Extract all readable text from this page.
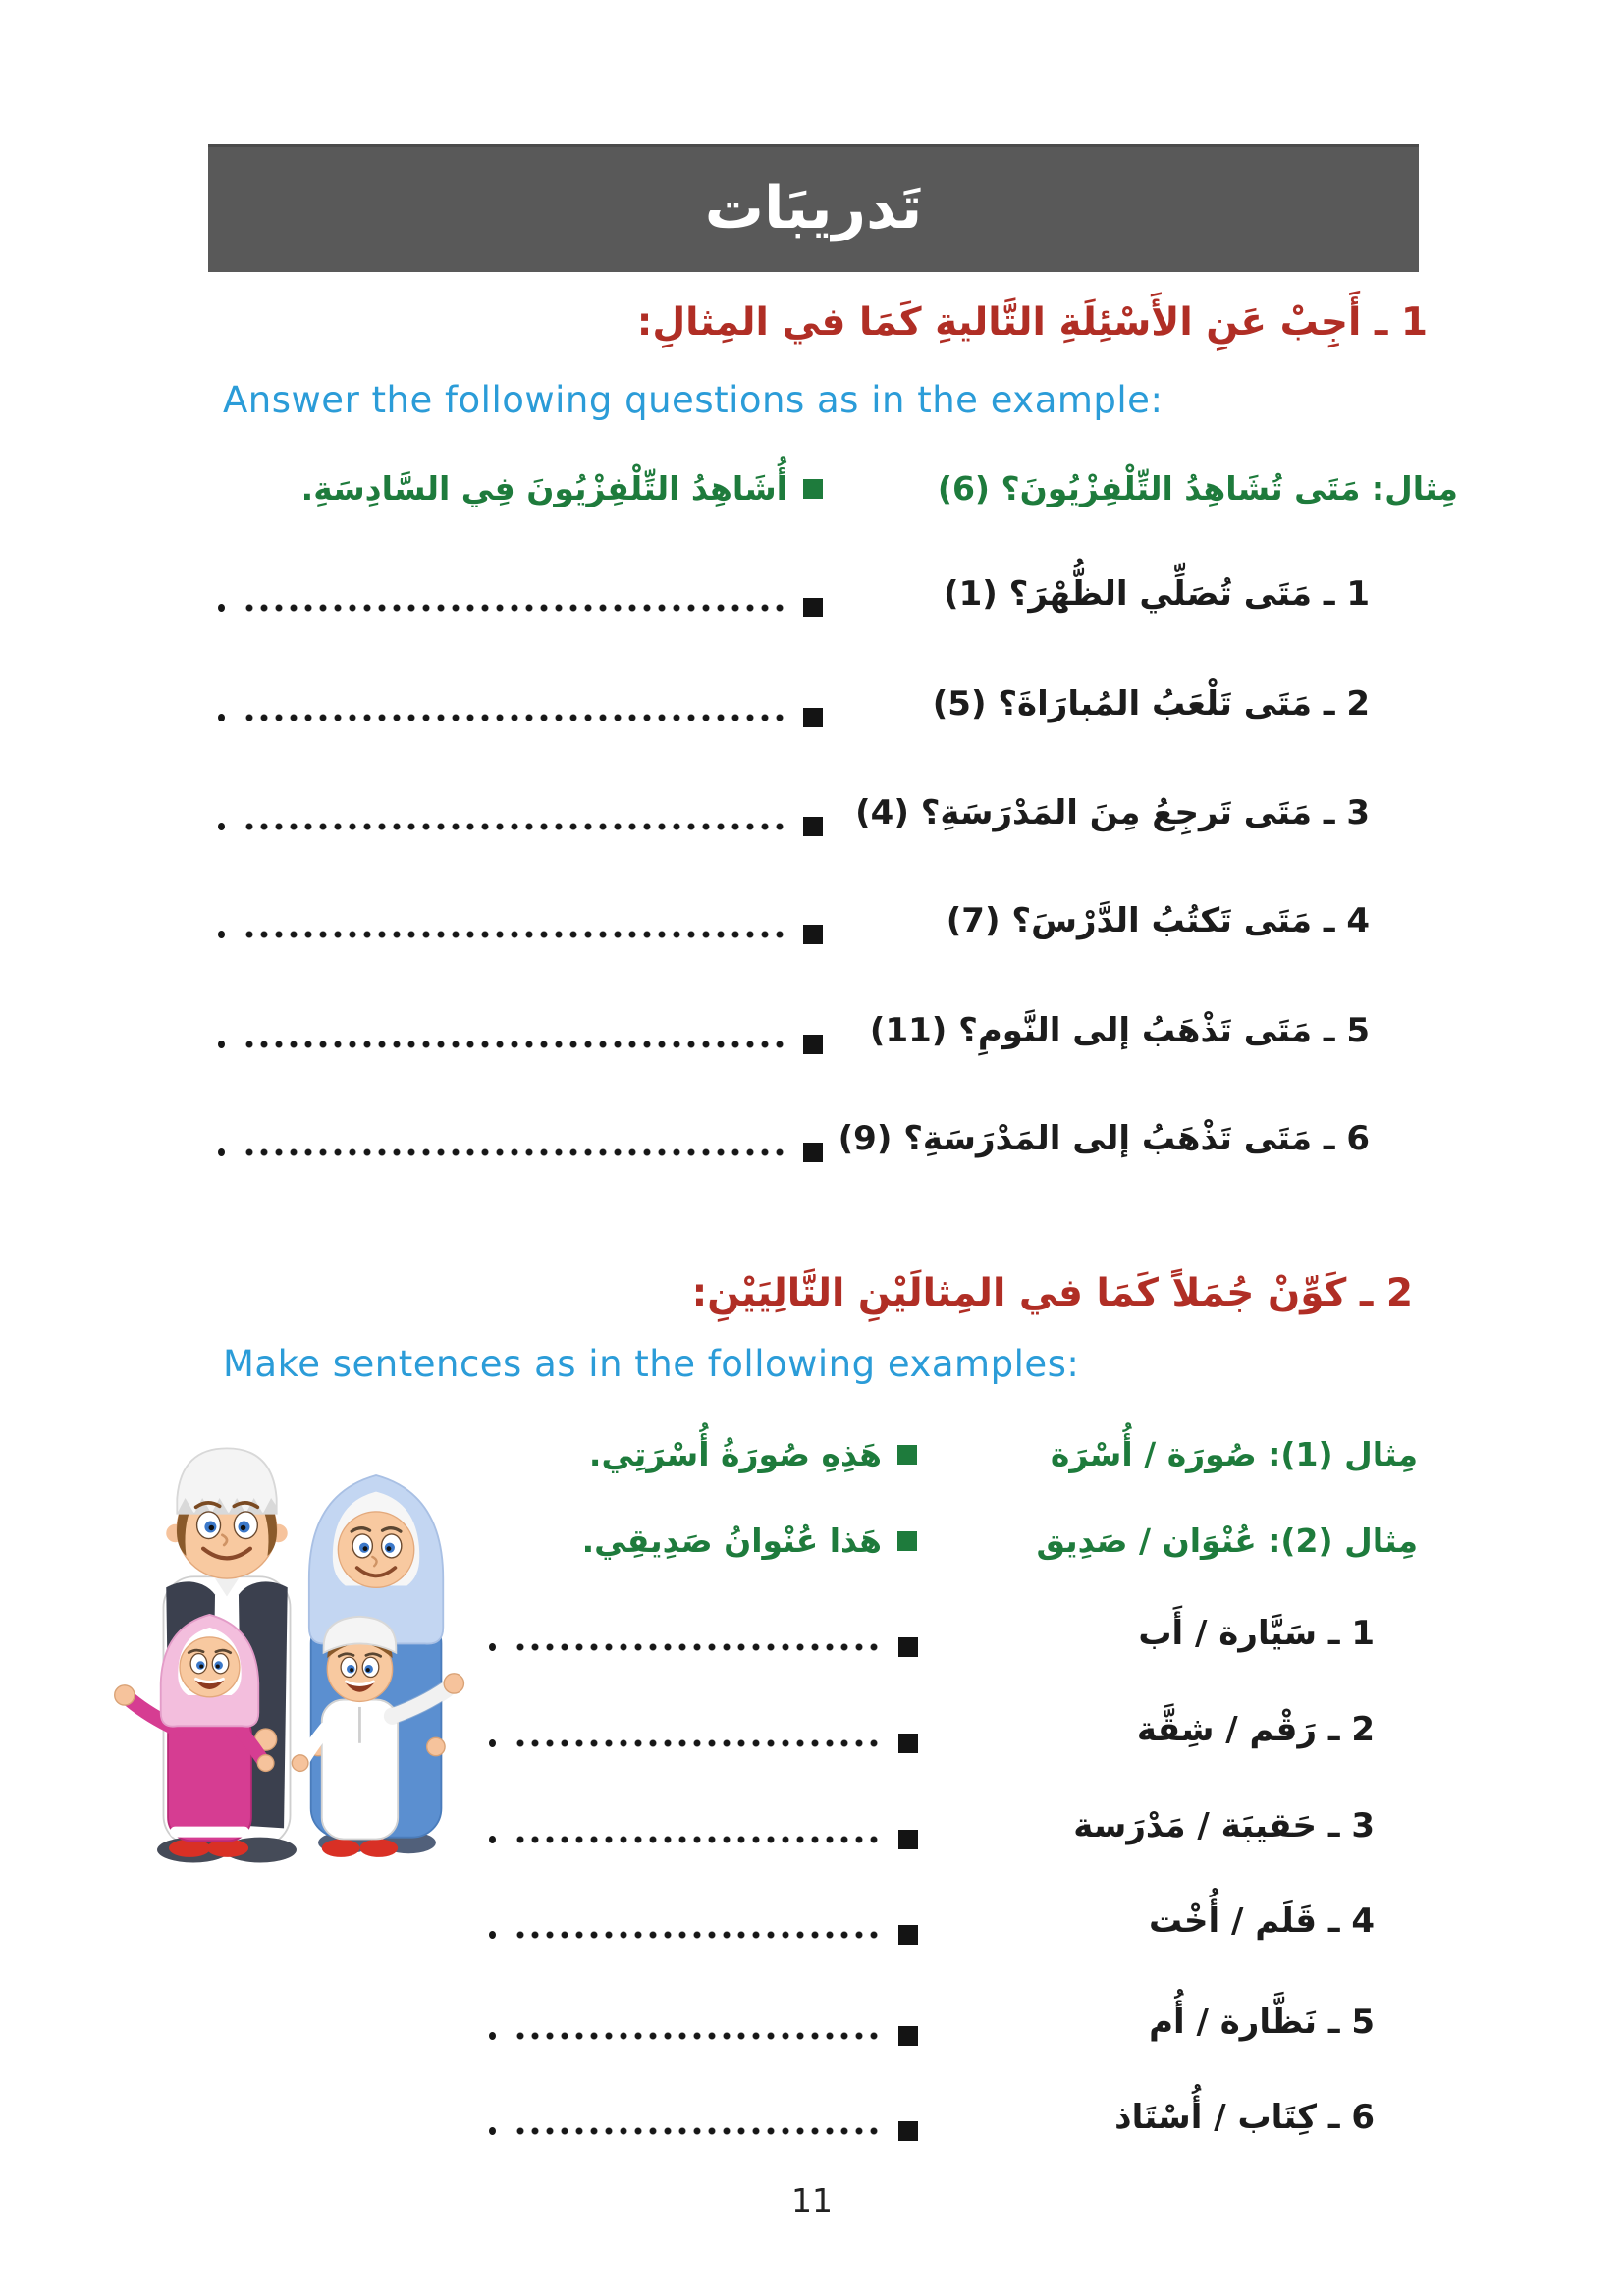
تَدريبَات
1 ـ أَجِبْ عَنِ الأَسْئِلَةِ التَّاليةِ كَمَا في المِثالِ:
Answer the following questions as in the example:
مِثال: مَتَى تُشَاهِدُ التِّلْفِزْيُونَ؟ (6)
أُشَاهِدُ التِّلْفِزْيُونَ فِي السَّادِسَةِ.
1 ـ مَتَى تُصَلِّي الظُّهْرَ؟ (1)
2 ـ مَتَى تَلْعَبُ المُبارَاةَ؟ (5)
3 ـ مَتَى تَرجِعُ مِنَ المَدْرَسَةِ؟ (4)
4 ـ مَتَى تَكتُبُ الدَّرْسَ؟ (7)
5 ـ مَتَى تَذْهَبُ إلى النَّومِ؟ (11)
6 ـ مَتَى تَذْهَبُ إلى المَدْرَسَةِ؟ (9)
2 ـ كَوِّنْ جُمَلاً كَمَا في المِثالَيْنِ التَّالِيَيْنِ:
Make sentences as in the following examples:
مِثال (1): صُورَة / أُسْرَة
هَذِهِ صُورَةُ أُسْرَتِي.
مِثال (2): عُنْوَان / صَدِيق
هَذا عُنْوانُ صَدِيقِي.
1 ـ سَيَّارة / أَب
2 ـ رَقْم / شِقَّة
3 ـ حَقيبَة / مَدْرَسة
4 ـ قَلَم / أُخْت
5 ـ نَظَّارة / أُم
6 ـ كِتَاب / أُسْتَاذ
11
